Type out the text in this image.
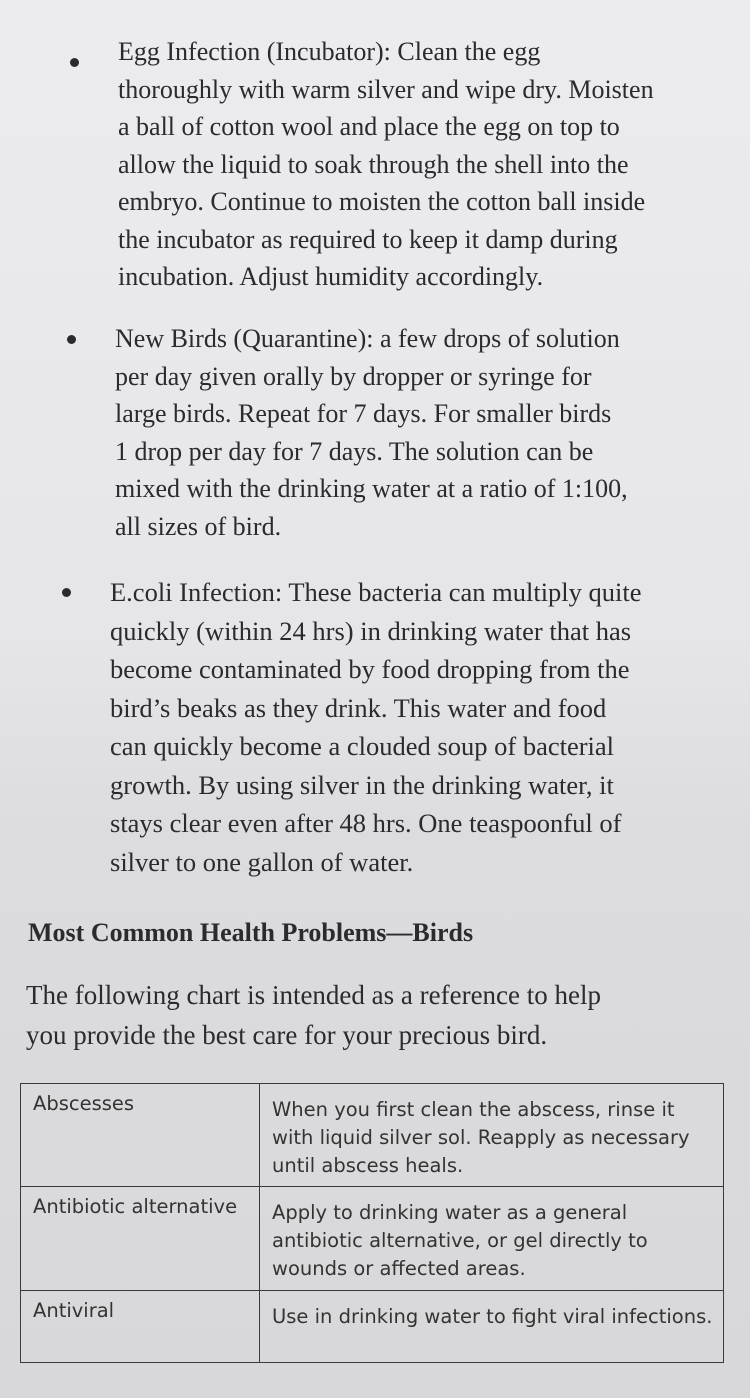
Egg Infection (Incubator): Clean the egg
thoroughly with warm silver and wipe dry. Moisten
a ball of cotton wool and place the egg on top to
allow the liquid to soak through the shell into the
embryo. Continue to moisten the cotton ball inside
the incubator as required to keep it damp during
incubation. Adjust humidity accordingly.
New Birds (Quarantine): a few drops of solution
per day given orally by dropper or syringe for
large birds. Repeat for 7 days. For smaller birds
1 drop per day for 7 days. The solution can be
mixed with the drinking water at a ratio of 1:100,
all sizes of bird.
E.coli Infection: These bacteria can multiply quite
quickly (within 24 hrs) in drinking water that has
become contaminated by food dropping from the
bird’s beaks as they drink. This water and food
can quickly become a clouded soup of bacterial
growth. By using silver in the drinking water, it
stays clear even after 48 hrs. One teaspoonful of
silver to one gallon of water.
Most Common Health Problems—Birds
The following chart is intended as a reference to help
you provide the best care for your precious bird.
Abscesses	When you first clean the abscess, rinse it with liquid silver sol. Reapply as necessary until abscess heals.
Antibiotic alternative	Apply to drinking water as a general antibiotic alternative, or gel directly to wounds or affected areas.
Antiviral	Use in drinking water to fight viral infections.
